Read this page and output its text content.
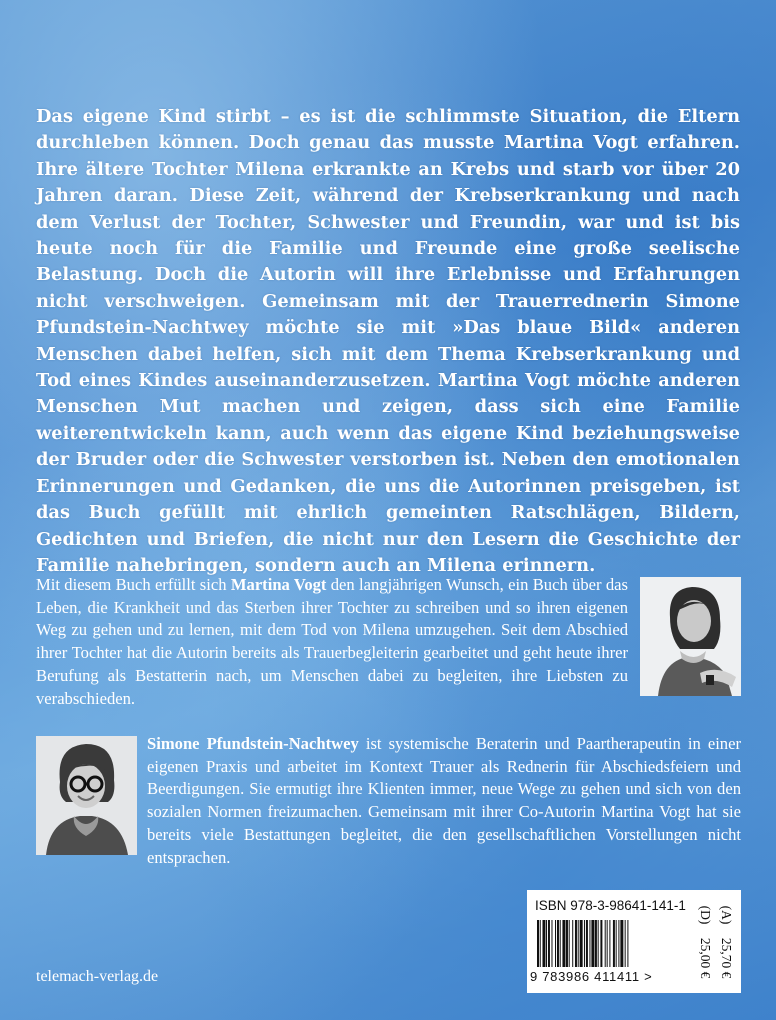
Das eigene Kind stirbt – es ist die schlimmste Situation, die Eltern durchleben können. Doch genau das musste Martina Vogt erfahren. Ihre ältere Tochter Milena erkrankte an Krebs und starb vor über 20 Jahren daran. Diese Zeit, während der Krebserkrankung und nach dem Verlust der Tochter, Schwester und Freundin, war und ist bis heute noch für die Familie und Freunde eine große seelische Belastung. Doch die Autorin will ihre Erlebnisse und Erfahrungen nicht verschweigen. Gemeinsam mit der Trauerrednerin Simone Pfundstein-Nachtwey möchte sie mit »Das blaue Bild« anderen Menschen dabei helfen, sich mit dem Thema Krebserkrankung und Tod eines Kindes auseinanderzusetzen. Martina Vogt möchte anderen Menschen Mut machen und zeigen, dass sich eine Familie weiterentwickeln kann, auch wenn das eigene Kind beziehungsweise der Bruder oder die Schwester verstorben ist. Neben den emotionalen Erinnerungen und Gedanken, die uns die Autorinnen preisgeben, ist das Buch gefüllt mit ehrlich gemeinten Ratschlägen, Bildern, Gedichten und Briefen, die nicht nur den Lesern die Geschichte der Familie nahebringen, sondern auch an Milena erinnern.
Mit diesem Buch erfüllt sich Martina Vogt den langjährigen Wunsch, ein Buch über das Leben, die Krankheit und das Sterben ihrer Tochter zu schreiben und so ihren eigenen Weg zu gehen und zu lernen, mit dem Tod von Milena umzugehen. Seit dem Abschied ihrer Tochter hat die Autorin bereits als Trauerbegleiterin gearbeitet und geht heute ihrer Berufung als Bestatterin nach, um Menschen dabei zu begleiten, ihre Liebsten zu verabschieden.
Simone Pfundstein-Nachtwey ist systemische Beraterin und Paartherapeutin in einer eigenen Praxis und arbeitet im Kontext Trauer als Rednerin für Abschiedsfeiern und Beerdigungen. Sie ermutigt ihre Klienten immer, neue Wege zu gehen und sich von den sozialen Normen freizumachen. Gemeinsam mit ihrer Co-Autorin Martina Vogt hat sie bereits viele Bestattungen begleitet, die den gesellschaftlichen Vorstellungen nicht entsprachen.
telemach-verlag.de
ISBN 978-3-98641-141-1
9 783986 411411 >
(D)    25,00 €
(A)    25,70 €
